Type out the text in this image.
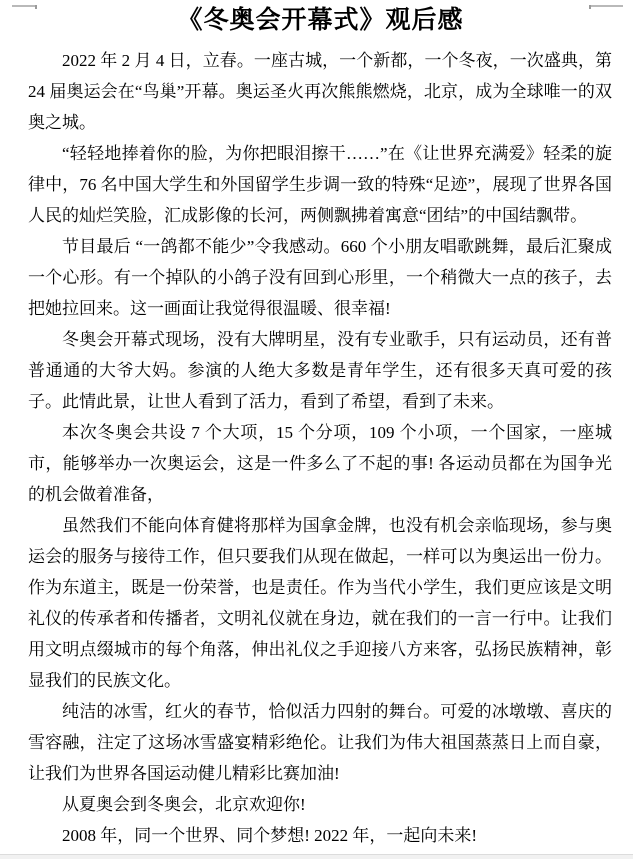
《冬奥会开幕式》观后感

2022 年 2 月 4 日，立春。一座古城，一个新都，一个冬夜，一次盛典，第 24 届奥运会在“鸟巢”开幕。奥运圣火再次熊熊燃烧，北京，成为全球唯一的双奥之城。

“轻轻地捧着你的脸，为你把眼泪擦干……”在《让世界充满爱》轻柔的旋律中，76 名中国大学生和外国留学生步调一致的特殊“足迹”，展现了世界各国人民的灿烂笑脸，汇成影像的长河，两侧飘拂着寓意“团结”的中国结飘带。

节目最后 “一鸽都不能少”令我感动。660 个小朋友唱歌跳舞，最后汇聚成一个心形。有一个掉队的小鸽子没有回到心形里，一个稍微大一点的孩子，去把她拉回来。这一画面让我觉得很温暖、很幸福!

冬奥会开幕式现场，没有大牌明星，没有专业歌手，只有运动员，还有普普通通的大爷大妈。参演的人绝大多数是青年学生，还有很多天真可爱的孩子。此情此景，让世人看到了活力，看到了希望，看到了未来。

本次冬奥会共设 7 个大项，15 个分项，109 个小项，一个国家，一座城市，能够举办一次奥运会，这是一件多么了不起的事! 各运动员都在为国争光的机会做着准备，

虽然我们不能向体育健将那样为国拿金牌，也没有机会亲临现场，参与奥运会的服务与接待工作，但只要我们从现在做起，一样可以为奥运出一份力。作为东道主，既是一份荣誉，也是责任。作为当代小学生，我们更应该是文明礼仪的传承者和传播者，文明礼仪就在身边，就在我们的一言一行中。让我们用文明点缀城市的每个角落，伸出礼仪之手迎接八方来客，弘扬民族精神，彰显我们的民族文化。

纯洁的冰雪，红火的春节，恰似活力四射的舞台。可爱的冰墩墩、喜庆的雪容融，注定了这场冰雪盛宴精彩绝伦。让我们为伟大祖国蒸蒸日上而自豪，让我们为世界各国运动健儿精彩比赛加油!

从夏奥会到冬奥会，北京欢迎你!

2008 年，同一个世界、同个梦想! 2022 年，一起向未来!
